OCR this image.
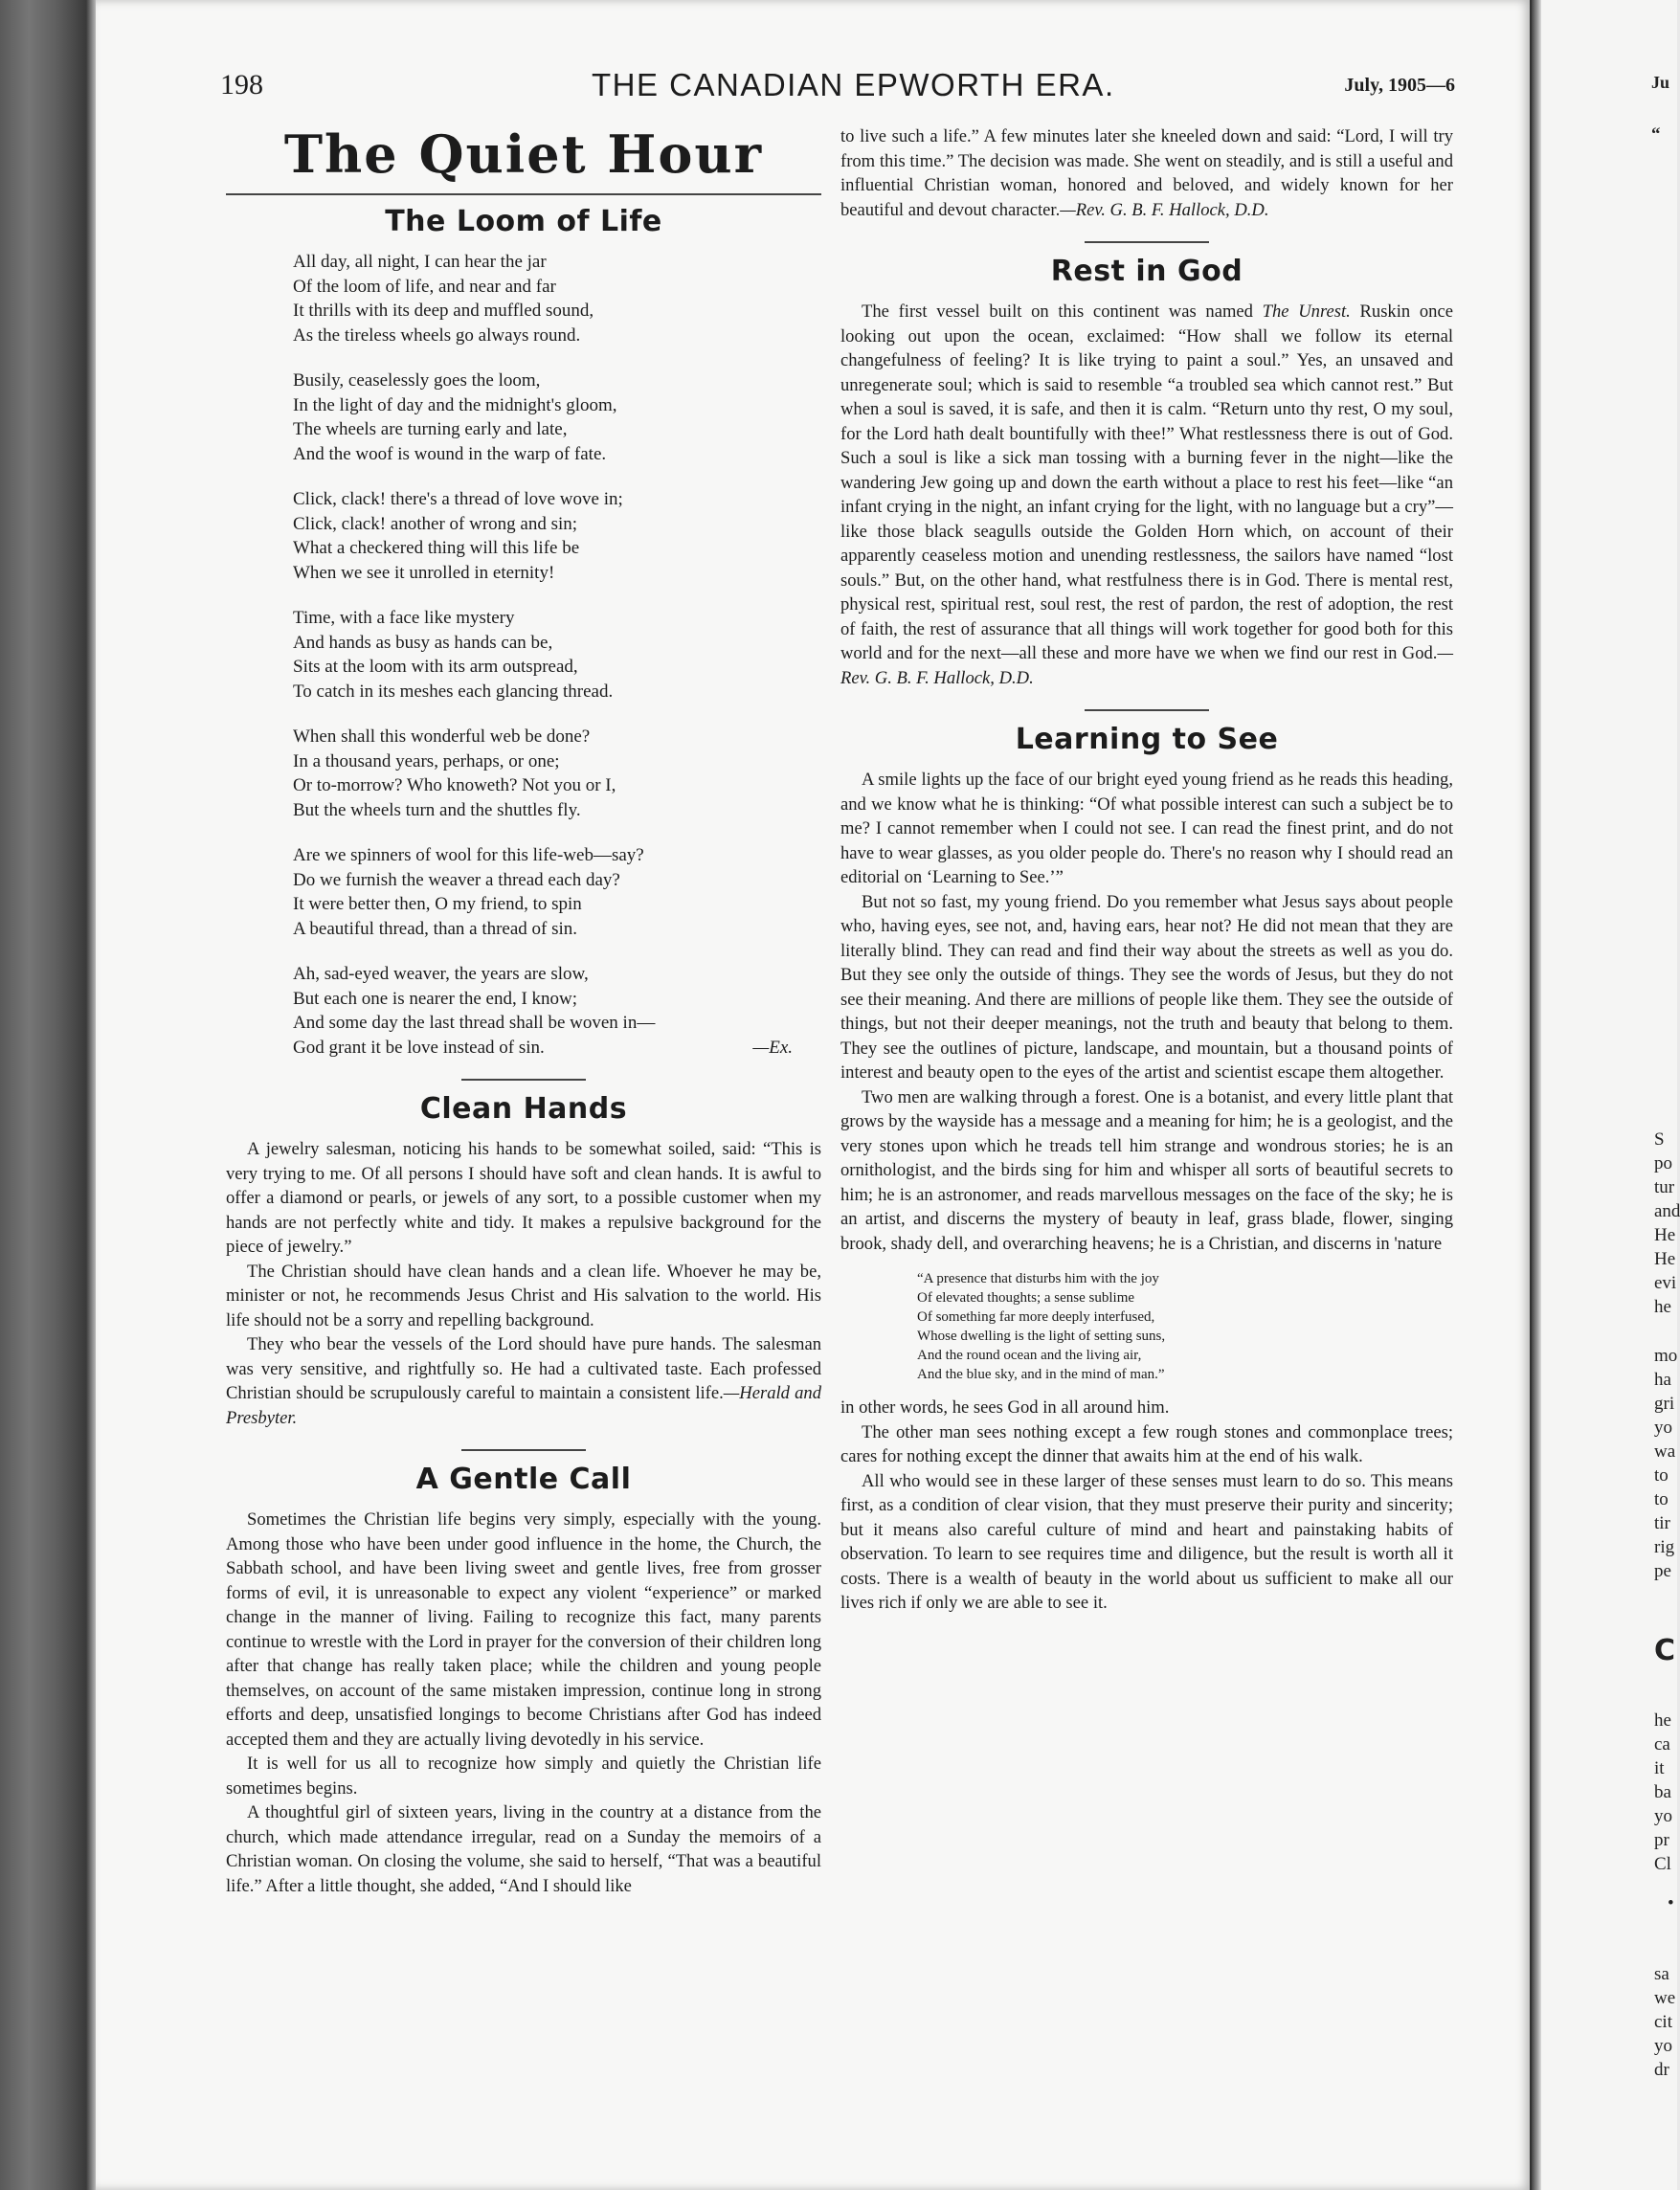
198	THE CANADIAN EPWORTH ERA.	July, 1905—6
The Quiet Hour
The Loom of Life
All day, all night, I can hear the jar
Of the loom of life, and near and far
It thrills with its deep and muffled sound,
As the tireless wheels go always round.
Busily, ceaselessly goes the loom,
In the light of day and the midnight's gloom,
The wheels are turning early and late,
And the woof is wound in the warp of fate.
Click, clack! there's a thread of love wove in;
Click, clack! another of wrong and sin;
What a checkered thing will this life be
When we see it unrolled in eternity!
Time, with a face like mystery
And hands as busy as hands can be,
Sits at the loom with its arm outspread,
To catch in its meshes each glancing thread.
When shall this wonderful web be done?
In a thousand years, perhaps, or one;
Or to-morrow? Who knoweth? Not you or I,
But the wheels turn and the shuttles fly.
Are we spinners of wool for this life-web—say?
Do we furnish the weaver a thread each day?
It were better then, O my friend, to spin
A beautiful thread, than a thread of sin.
Ah, sad-eyed weaver, the years are slow,
But each one is nearer the end, I know;
And some day the last thread shall be woven in—
God grant it be love instead of sin.	—Ex.
Clean Hands

A jewelry salesman, noticing his hands to be somewhat soiled, said: “This is very trying to me. Of all persons I should have soft and clean hands. It is awful to offer a diamond or pearls, or jewels of any sort, to a possible customer when my hands are not perfectly white and tidy. It makes a repulsive background for the piece of jewelry.”

The Christian should have clean hands and a clean life. Whoever he may be, minister or not, he recommends Jesus Christ and His salvation to the world. His life should not be a sorry and repelling background.

They who bear the vessels of the Lord should have pure hands. The salesman was very sensitive, and rightfully so. He had a cultivated taste. Each professed Christian should be scrupulously careful to maintain a consistent life.—Herald and Presbyter.

A Gentle Call

Sometimes the Christian life begins very simply, especially with the young. Among those who have been under good influence in the home, the Church, the Sabbath school, and have been living sweet and gentle lives, free from grosser forms of evil, it is unreasonable to expect any violent “experience” or marked change in the manner of living. Failing to recognize this fact, many parents continue to wrestle with the Lord in prayer for the conversion of their children long after that change has really taken place; while the children and young people themselves, on account of the same mistaken impression, continue long in strong efforts and deep, unsatisfied longings to become Christians after God has indeed accepted them and they are actually living devotedly in his service.

It is well for us all to recognize how simply and quietly the Christian life sometimes begins.

A thoughtful girl of sixteen years, living in the country at a distance from the church, which made attendance irregular, read on a Sunday the memoirs of a Christian woman. On closing the volume, she said to herself, “That was a beautiful life.” After a little thought, she added, “And I should like

to live such a life.” A few minutes later she kneeled down and said: “Lord, I will try from this time.” The decision was made. She went on steadily, and is still a useful and influential Christian woman, honored and beloved, and widely known for her beautiful and devout character.—Rev. G. B. F. Hallock, D.D.

Rest in God

The first vessel built on this continent was named The Unrest. Ruskin once looking out upon the ocean, exclaimed: “How shall we follow its eternal changefulness of feeling? It is like trying to paint a soul.” Yes, an unsaved and unregenerate soul; which is said to resemble “a troubled sea which cannot rest.” But when a soul is saved, it is safe, and then it is calm. “Return unto thy rest, O my soul, for the Lord hath dealt bountifully with thee!” What restlessness there is out of God. Such a soul is like a sick man tossing with a burning fever in the night—like the wandering Jew going up and down the earth without a place to rest his feet—like “an infant crying in the night, an infant crying for the light, with no language but a cry”—like those black seagulls outside the Golden Horn which, on account of their apparently ceaseless motion and unending restlessness, the sailors have named “lost souls.” But, on the other hand, what restfulness there is in God. There is mental rest, physical rest, spiritual rest, soul rest, the rest of pardon, the rest of adoption, the rest of faith, the rest of assurance that all things will work together for good both for this world and for the next—all these and more have we when we find our rest in God.—Rev. G. B. F. Hallock, D.D.

Learning to See

A smile lights up the face of our bright eyed young friend as he reads this heading, and we know what he is thinking: “Of what possible interest can such a subject be to me? I cannot remember when I could not see. I can read the finest print, and do not have to wear glasses, as you older people do. There's no reason why I should read an editorial on ‘Learning to See.’”

But not so fast, my young friend. Do you remember what Jesus says about people who, having eyes, see not, and, having ears, hear not? He did not mean that they are literally blind. They can read and find their way about the streets as well as you do. But they see only the outside of things. They see the words of Jesus, but they do not see their meaning. And there are millions of people like them. They see the outside of things, but not their deeper meanings, not the truth and beauty that belong to them. They see the outlines of picture, landscape, and mountain, but a thousand points of interest and beauty open to the eyes of the artist and scientist escape them altogether.

Two men are walking through a forest. One is a botanist, and every little plant that grows by the wayside has a message and a meaning for him; he is a geologist, and the very stones upon which he treads tell him strange and wondrous stories; he is an ornithologist, and the birds sing for him and whisper all sorts of beautiful secrets to him; he is an astronomer, and reads marvellous messages on the face of the sky; he is an artist, and discerns the mystery of beauty in leaf, grass blade, flower, singing brook, shady dell, and overarching heavens; he is a Christian, and discerns in 'nature

“A presence that disturbs him with the joy
Of elevated thoughts; a sense sublime
Of something far more deeply interfused,
Whose dwelling is the light of setting suns,
And the round ocean and the living air,
And the blue sky, and in the mind of man.”

in other words, he sees God in all around him.

The other man sees nothing except a few rough stones and commonplace trees; cares for nothing except the dinner that awaits him at the end of his walk.

All who would see in these larger of these senses must learn to do so. This means first, as a condition of clear vision, that they must preserve their purity and sincerity; but it means also careful culture of mind and heart and painstaking habits of observation. To learn to see requires time and diligence, but the result is worth all it costs. There is a wealth of beauty in the world about us sufficient to make all our lives rich if only we are able to see it.

Ju
“
S
po
tur
and
He
He
evi
he
mo
ha
gri
yo
wa
to
to
tir
rig
pe
C
he
ca
it
ba
yo
pr
Cl
•
sa
we
cit
yo
dr
